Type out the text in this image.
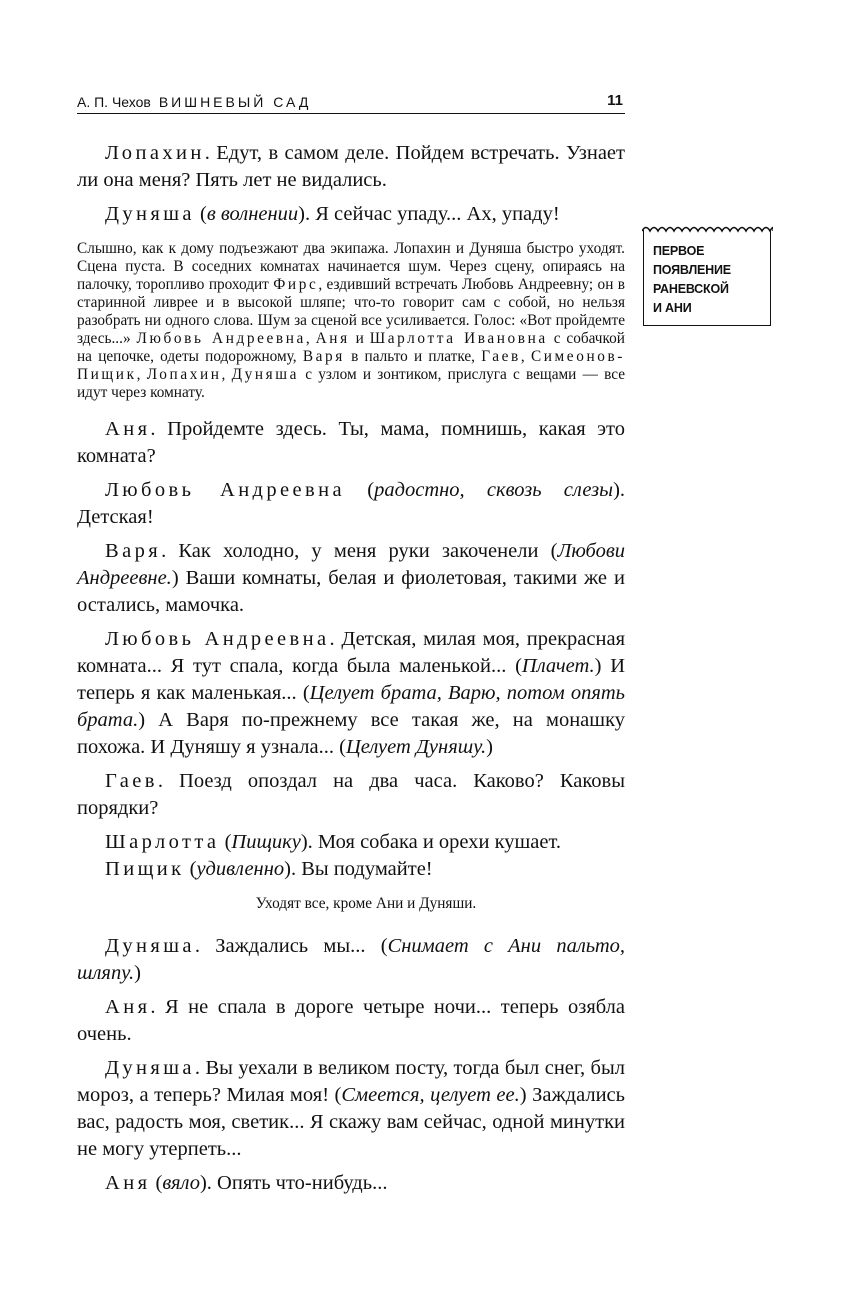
А. П. Чехов ВИШНЕВЫЙ САД	11
ПЕРВОЕ
ПОЯВЛЕНИЕ
РАНЕВСКОЙ
И АНИ

Лопахин. Едут, в самом деле. Пойдем встречать. Узнает ли она меня? Пять лет не видались.

Дуняша (в волнении). Я сейчас упаду... Ах, упаду!

Слышно, как к дому подъезжают два экипажа. Лопахин и Дуняша быстро уходят. Сцена пуста. В соседних комнатах начинается шум. Через сцену, опираясь на палочку, торопливо проходит Фирс, ездивший встречать Любовь Андреевну; он в старинной ливрее и в высокой шляпе; что-то говорит сам с собой, но нельзя разобрать ни одного слова. Шум за сценой все усиливается. Голос: «Вот пройдемте здесь...» Любовь Андреевна, Аня и Шарлотта Ивановна с собачкой на цепочке, одеты подорожному, Варя в пальто и платке, Гаев, Симеонов-Пищик, Лопахин, Дуняша с узлом и зонтиком, прислуга с вещами — все идут через комнату.

Аня. Пройдемте здесь. Ты, мама, помнишь, какая это комната?

Любовь Андреевна (радостно, сквозь слезы). Детская!

Варя. Как холодно, у меня руки закоченели (Любови Андреевне.) Ваши комнаты, белая и фиолетовая, такими же и остались, мамочка.

Любовь Андреевна. Детская, милая моя, прекрасная комната... Я тут спала, когда была маленькой... (Плачет.) И теперь я как маленькая... (Целует брата, Варю, потом опять брата.) А Варя по-прежнему все такая же, на монашку похожа. И Дуняшу я узнала... (Целует Дуняшу.)

Гаев. Поезд опоздал на два часа. Каково? Каковы порядки?

Шарлотта (Пищику). Моя собака и орехи кушает.

Пищик (удивленно). Вы подумайте!

Уходят все, кроме Ани и Дуняши.

Дуняша. Заждались мы... (Снимает с Ани пальто, шляпу.)

Аня. Я не спала в дороге четыре ночи... теперь озябла очень.

Дуняша. Вы уехали в великом посту, тогда был снег, был мороз, а теперь? Милая моя! (Смеется, целует ее.) Заждались вас, радость моя, светик... Я скажу вам сейчас, одной минутки не могу утерпеть...

Аня (вяло). Опять что-нибудь...
